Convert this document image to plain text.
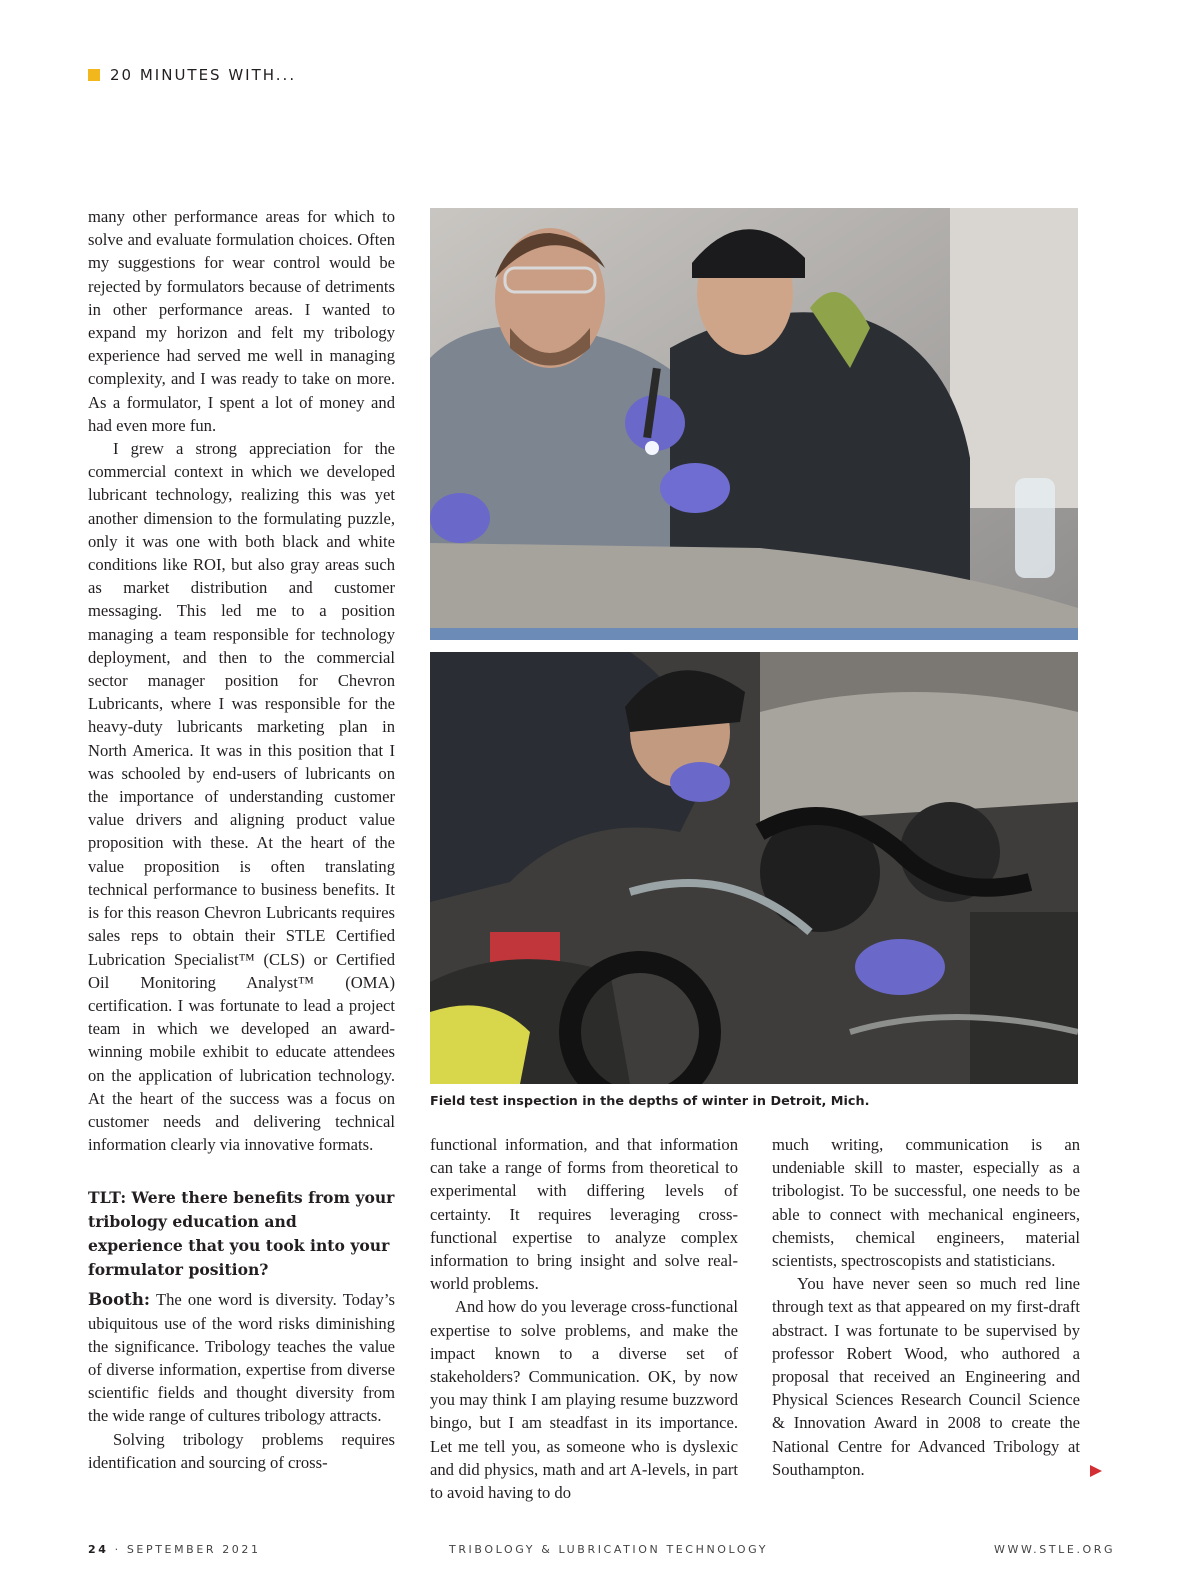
20 MINUTES WITH...

many other performance areas for which to solve and evaluate formulation choices. Often my suggestions for wear control would be rejected by formulators because of detriments in other performance areas. I wanted to expand my horizon and felt my tribology experience had served me well in managing complexity, and I was ready to take on more. As a formulator, I spent a lot of money and had even more fun.

I grew a strong appreciation for the commercial context in which we developed lubricant technology, realizing this was yet another dimension to the formulating puzzle, only it was one with both black and white conditions like ROI, but also gray areas such as market distribution and customer messaging. This led me to a position managing a team responsible for technology deployment, and then to the commercial sector manager position for Chevron Lubricants, where I was responsible for the heavy-duty lubricants marketing plan in North America. It was in this position that I was schooled by end-users of lubricants on the importance of understanding customer value drivers and aligning product value proposition with these. At the heart of the value proposition is often translating technical performance to business benefits. It is for this reason Chevron Lubricants requires sales reps to obtain their STLE Certified Lubrication Specialist™ (CLS) or Certified Oil Monitoring Analyst™ (OMA) certification. I was fortunate to lead a project team in which we developed an award-winning mobile exhibit to educate attendees on the application of lubrication technology. At the heart of the success was a focus on customer needs and delivering technical information clearly via innovative formats.

TLT: Were there benefits from your tribology education and experience that you took into your formulator position?

Booth: The one word is diversity. Today’s ubiquitous use of the word risks diminishing the significance. Tribology teaches the value of diverse information, expertise from diverse scientific fields and thought diversity from the wide range of cultures tribology attracts.

Solving tribology problems requires identification and sourcing of cross-

Field test inspection in the depths of winter in Detroit, Mich.

functional information, and that information can take a range of forms from theoretical to experimental with differing levels of certainty. It requires leveraging cross-functional expertise to analyze complex information to bring insight and solve real-world problems.

And how do you leverage cross-functional expertise to solve problems, and make the impact known to a diverse set of stakeholders? Communication. OK, by now you may think I am playing resume buzzword bingo, but I am steadfast in its importance. Let me tell you, as someone who is dyslexic and did physics, math and art A-levels, in part to avoid having to do

much writing, communication is an undeniable skill to master, especially as a tribologist. To be successful, one needs to be able to connect with mechanical engineers, chemists, chemical engineers, material scientists, spectroscopists and statisticians.

You have never seen so much red line through text as that appeared on my first-draft abstract. I was fortunate to be supervised by professor Robert Wood, who authored a proposal that received an Engineering and Physical Sciences Research Council Science & Innovation Award in 2008 to create the National Centre for Advanced Tribology at Southampton.

24 · SEPTEMBER 2021	TRIBOLOGY & LUBRICATION TECHNOLOGY	WWW.STLE.ORG
